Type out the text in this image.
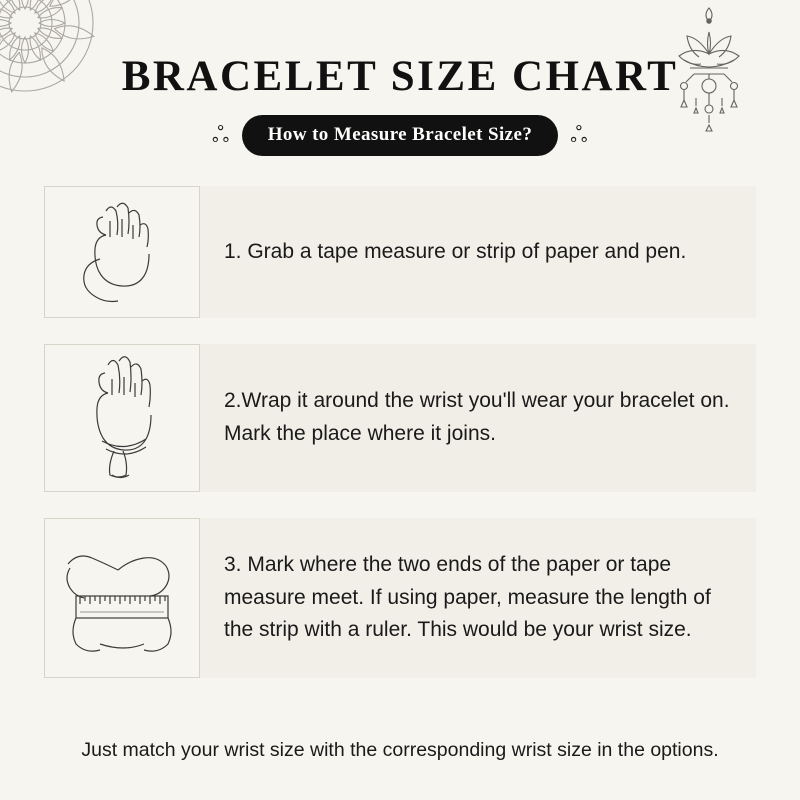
BRACELET SIZE CHART
ஃ	How to Measure Bracelet Size?	ஃ
1. Grab a tape measure or strip of paper and pen.
2.Wrap it around the wrist you'll wear your bracelet on. Mark the place where it joins.
3. Mark where the two ends of the paper or tape measure meet. If using paper, measure the length of the strip with a ruler. This would be your wrist size.
Just match your wrist size with the corresponding wrist size in the options.
